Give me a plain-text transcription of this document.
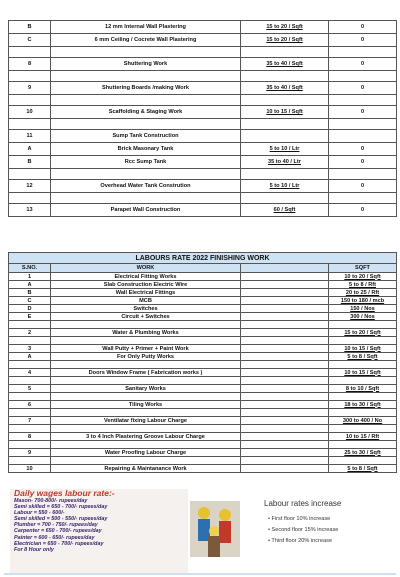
B	12 mm Internal Wall Plastering	15 to 20 / Sqft	0
C	6 mm Ceiling / Cocrete Wall Plastering	15 to 20 / Sqft	0

8	Shuttering Work	35 to 40 / Sqft	0

9	Shuttering Boards /making Work	35 to 40 / Sqft	0

10	Scaffolding & Staging Work	10 to 15 / Sqft	0

11	Sump Tank Construction		
A	Brick Masonary Tank	5 to 10 / Ltr	0
B	Rcc Sump Tank	35 to 40 / Ltr	0

12	Overhead Water Tank Constrution	5 to 10 / Ltr	0

13	Parapet Wall Construction	60 / Sqft	0
LABOURS RATE 2022 FINISHING WORK			
S.NO.	WORK		SQFT
1	Electrical Fitting Works		10 to 20 / Sqft
A	Slab Construction Electric Wire		5 to 8 / Rft
B	Wall Electrical Fittings		20 to 25 / Rft
C	MCB		150 to 180 / mcb
D	Switches		150 / Nos
E	Circuit + Switches		300 / Nos

2	Water & Plumbing Works		15 to 20 / Sqft

3	Wall Putty + Primer + Paint Work		10 to 15 / Sqft
A	For Only Putty Works		5 to 8 / Sqft

4	Doors Window Frame ( Fabrication works )		10 to 15 / Sqft

5	Sanitary Works		8 to 10 / Sqft

6	Tiling Works		18 to 30 / Sqft

7	Ventilatar fixing Labour Charge		300 to 400 / No

8	3 to 4 Inch Plastering Groove Labour Charge		10 to 15 / Rft

9	Water Proofing Labour Charge		25 to 30 / Sqft

10	Repairing & Maintanance Work		5 to 8 / Sqft
Daily wages labour rate:-
Mason- 700-800/- rupees/day
Semi skilled = 650 - 700/- rupees/day
Labour = 550 - 600/-
Semi skilled = 500 - 550/- rupees/day
Plumber = 700 - 750/- rupees/day
Carpenter = 650 - 700/- rupees/day
Painter = 600 - 650/- rupees/day
Electrician = 650 - 700/- rupees/day
For 8 Hour only
Labour rates increase
• First floor 10% increase
• Second floor 15% increase
• Third floor 20% increase
